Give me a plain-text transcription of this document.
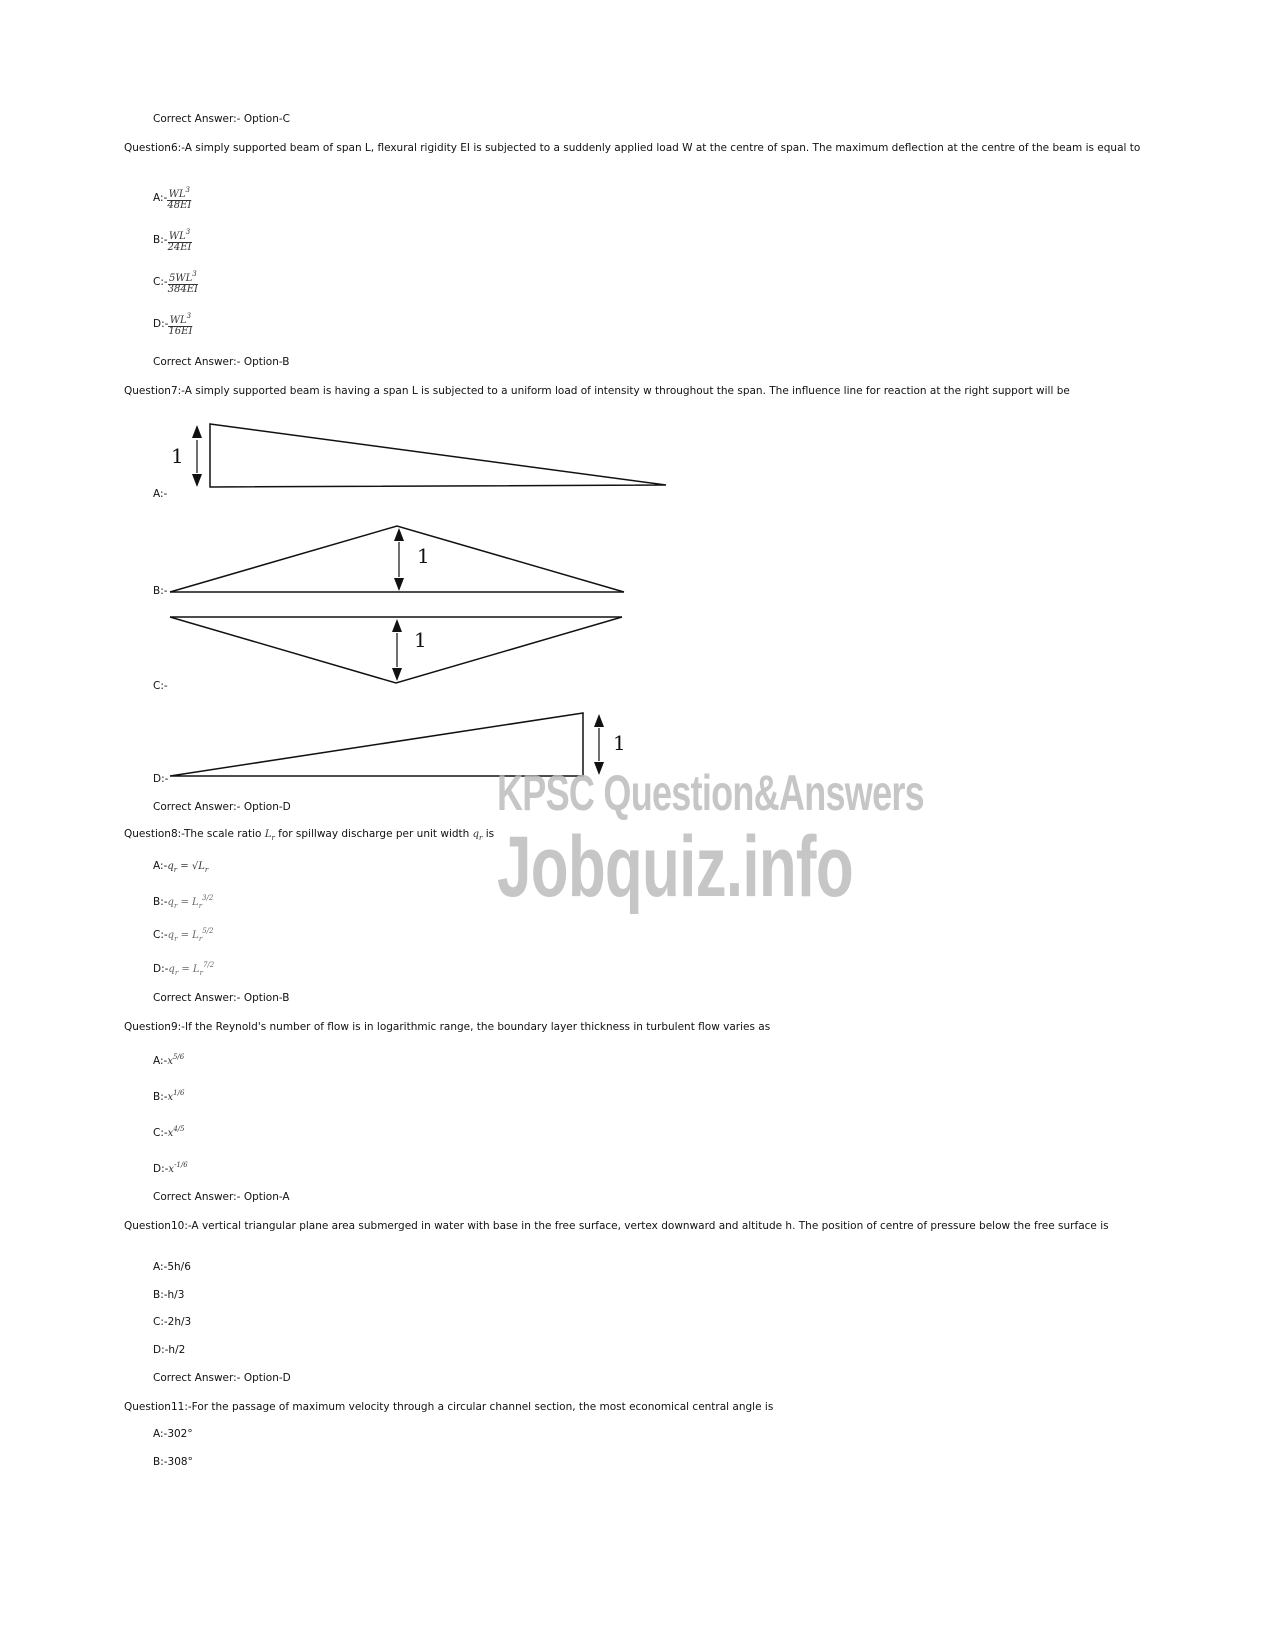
Correct Answer:- Option-C
Question6:-A simply supported beam of span L, flexural rigidity EI is subjected to a suddenly applied load W at the centre of span. The maximum deflection at the centre of the beam is equal to
A:- $\frac{WL^3}{48EI}$
B:- $\frac{WL^3}{24EI}$
C:- $\frac{5WL^3}{384EI}$
D:- $\frac{WL^3}{16EI}$
Correct Answer:- Option-B
Question7:-A simply supported beam is having a span L is subjected to a uniform load of intensity w throughout the span. The influence line for reaction at the right support will be
A:-
1
1
1
1
B:-
C:-
D:-
Correct Answer:- Option-D	KPSC Question&Answers
Jobquiz.info
Question8:-The scale ratio $L_r$ for spillway discharge per unit width $q_r$ is
$A:-q_r = √L_r$
$B:-q_r = L_r^{3/2}$
$C:-q_r = L_r^{5/2}$
$D:-q_r = L_r^{7/2}$
Correct Answer:- Option-B
Question9:-If the Reynold's number of flow is in logarithmic range, the boundary layer thickness in turbulent flow varies as
$A:-x^{5/6}$
$B:-x^{1/6}$
$C:-x^{4/5}$
$D:-x^{-1/6}$
Correct Answer:- Option-A
Question10:-A vertical triangular plane area submerged in water with base in the free surface, vertex downward and altitude h. The position of centre of pressure below the free surface is
A:-5h/6
B:-h/3
C:-2h/3
D:-h/2
Correct Answer:- Option-D
Question11:-For the passage of maximum velocity through a circular channel section, the most economical central angle is
A:-302°
B:-308°
